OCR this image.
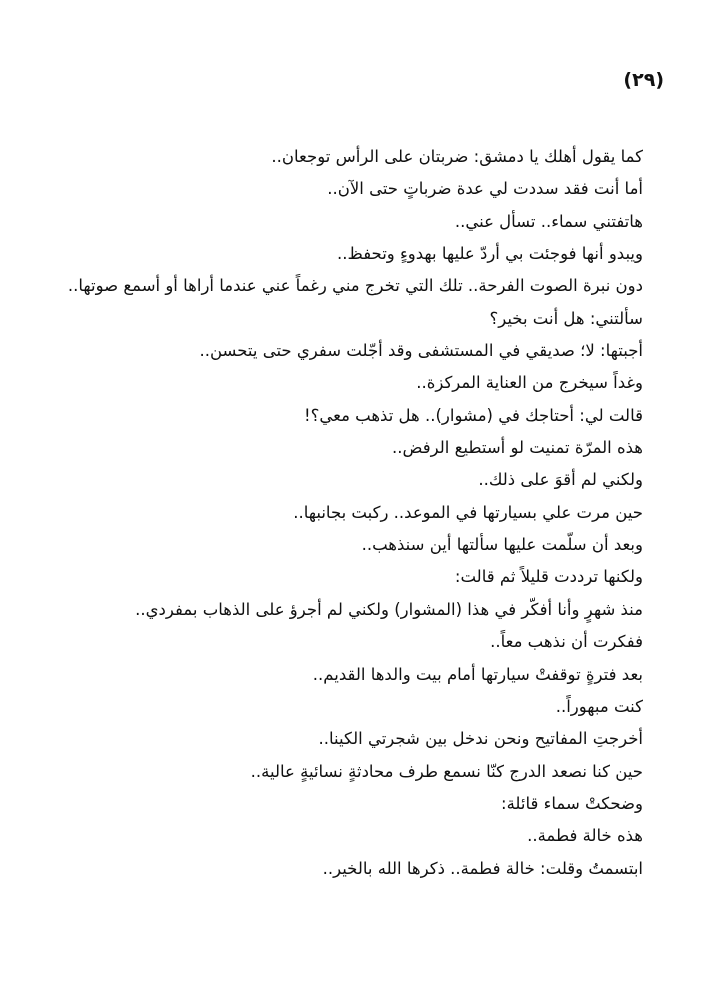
(٢٩)
كما يقول أهلك يا دمشق: ضربتان على الرأس توجعان..
أما أنت فقد سددت لي عدة ضرباتٍ حتى الآن..
هاتفتني سماء.. تسأل عني..
ويبدو أنها فوجئت بي أردّ عليها بهدوءٍ وتحفظ..
دون نبرة الصوت الفرحة.. تلك التي تخرج مني رغماً عني عندما أراها أو أسمع صوتها..
سألتني: هل أنت بخير؟
أجبتها: لا؛ صديقي في المستشفى وقد أجّلت سفري حتى يتحسن..
وغداً سيخرج من العناية المركزة..
قالت لي: أحتاجك في (مشوار).. هل تذهب معي؟!
هذه المرّة تمنيت لو أستطيع الرفض..
ولكني لم أقوَ على ذلك..
حين مرت علي بسيارتها في الموعد.. ركبت بجانبها..
وبعد أن سلّمت عليها سألتها أين سنذهب..
ولكنها ترددت قليلاً ثم قالت:
منذ شهرٍ وأنا أفكّر في هذا (المشوار) ولكني لم أجرؤ على الذهاب بمفردي..
ففكرت أن نذهب معاً..
بعد فترةٍ توقفتْ سيارتها أمام بيت والدها القديم..
كنت مبهوراً..
أخرجتِ المفاتيح ونحن ندخل بين شجرتي الكينا..
حين كنا نصعد الدرج كنّا نسمع طرف محادثةٍ نسائيةٍ عالية..
وضحكتْ سماء قائلة:
هذه خالة فطمة..
ابتسمتُ وقلت: خالة فطمة.. ذكرها الله بالخير..
